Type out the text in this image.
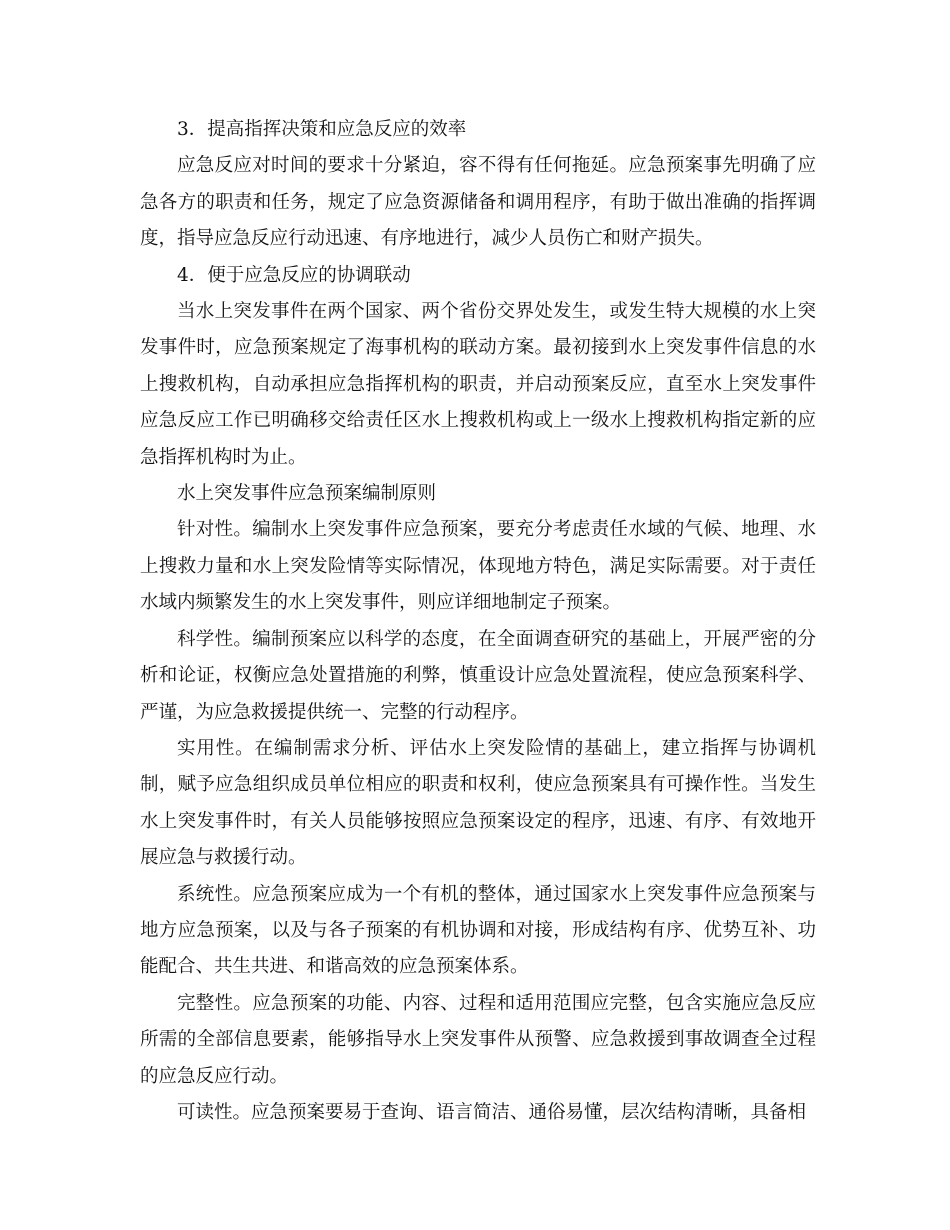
3．提高指挥决策和应急反应的效率

应急反应对时间的要求十分紧迫，容不得有任何拖延。应急预案事先明确了应急各方的职责和任务，规定了应急资源储备和调用程序，有助于做出准确的指挥调度，指导应急反应行动迅速、有序地进行，减少人员伤亡和财产损失。

4．便于应急反应的协调联动

当水上突发事件在两个国家、两个省份交界处发生，或发生特大规模的水上突发事件时，应急预案规定了海事机构的联动方案。最初接到水上突发事件信息的水上搜救机构，自动承担应急指挥机构的职责，并启动预案反应，直至水上突发事件应急反应工作已明确移交给责任区水上搜救机构或上一级水上搜救机构指定新的应急指挥机构时为止。

水上突发事件应急预案编制原则

针对性。编制水上突发事件应急预案，要充分考虑责任水域的气候、地理、水上搜救力量和水上突发险情等实际情况，体现地方特色，满足实际需要。对于责任水域内频繁发生的水上突发事件，则应详细地制定子预案。

科学性。编制预案应以科学的态度，在全面调查研究的基础上，开展严密的分析和论证，权衡应急处置措施的利弊，慎重设计应急处置流程，使应急预案科学、严谨，为应急救援提供统一、完整的行动程序。

实用性。在编制需求分析、评估水上突发险情的基础上，建立指挥与协调机制，赋予应急组织成员单位相应的职责和权利，使应急预案具有可操作性。当发生水上突发事件时，有关人员能够按照应急预案设定的程序，迅速、有序、有效地开展应急与救援行动。

系统性。应急预案应成为一个有机的整体，通过国家水上突发事件应急预案与地方应急预案，以及与各子预案的有机协调和对接，形成结构有序、优势互补、功能配合、共生共进、和谐高效的应急预案体系。

完整性。应急预案的功能、内容、过程和适用范围应完整，包含实施应急反应所需的全部信息要素，能够指导水上突发事件从预警、应急救援到事故调查全过程的应急反应行动。

可读性。应急预案要易于查询、语言简洁、通俗易懂，层次结构清晰，具备相
